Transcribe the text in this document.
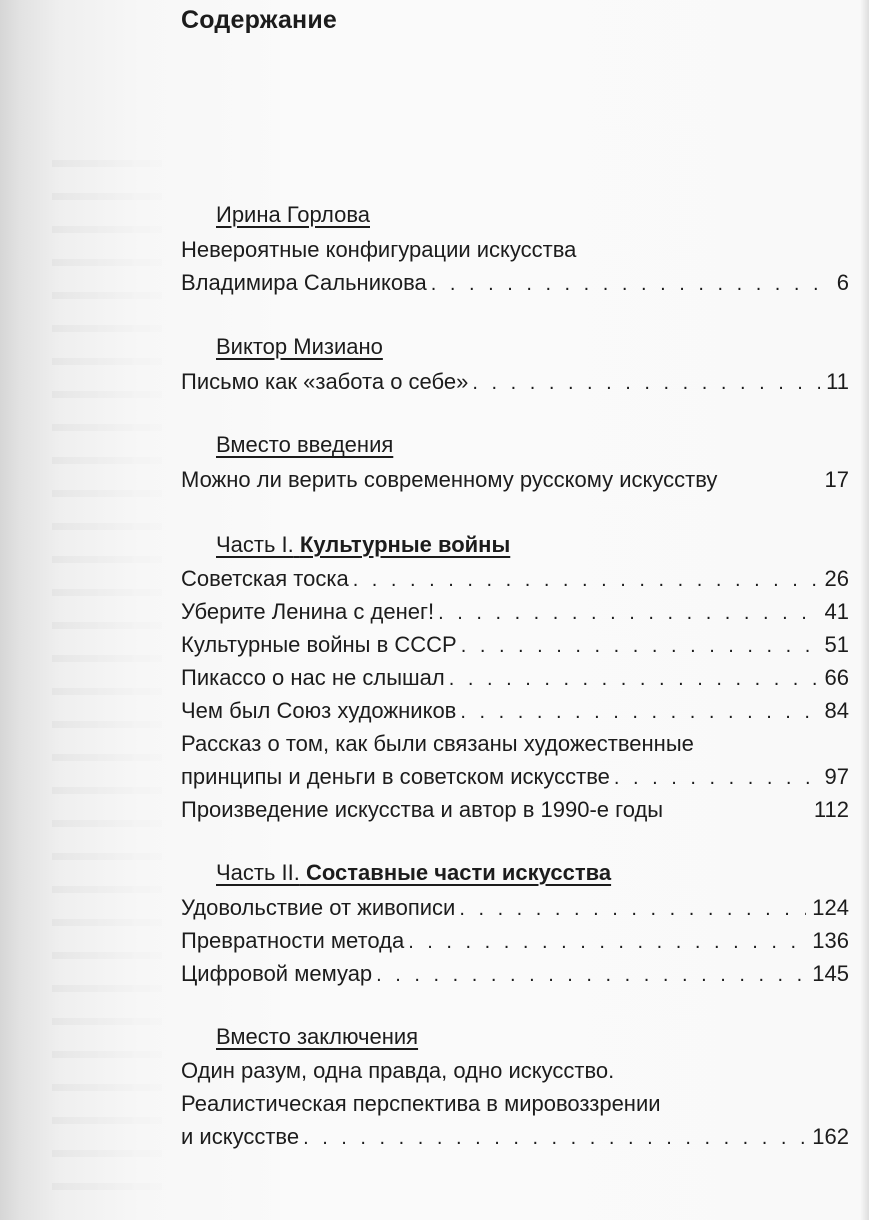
Содержание
Ирина Горлова
Невероятные конфигурации искусства
Владимира Сальникова . . .	6
Виктор Мизиано
Письмо как «забота о себе» . . .	11
Вместо введения
Можно ли верить современному русскому искусству	17
Часть I. Культурные войны
Советская тоска . . .	26
Уберите Ленина с денег! . . .	41
Культурные войны в СССР . . .	51
Пикассо о нас не слышал . . .	66
Чем был Союз художников . . .	84
Рассказ о том, как были связаны художественные
принципы и деньги в советском искусстве . . .	97
Произведение искусства и автор в 1990-е годы	112
Часть II. Составные части искусства
Удовольствие от живописи . . .	124
Превратности метода . . .	136
Цифровой мемуар . . .	145
Вместо заключения
Один разум, одна правда, одно искусство.
Реалистическая перспектива в мировоззрении
и искусстве . . .	162
